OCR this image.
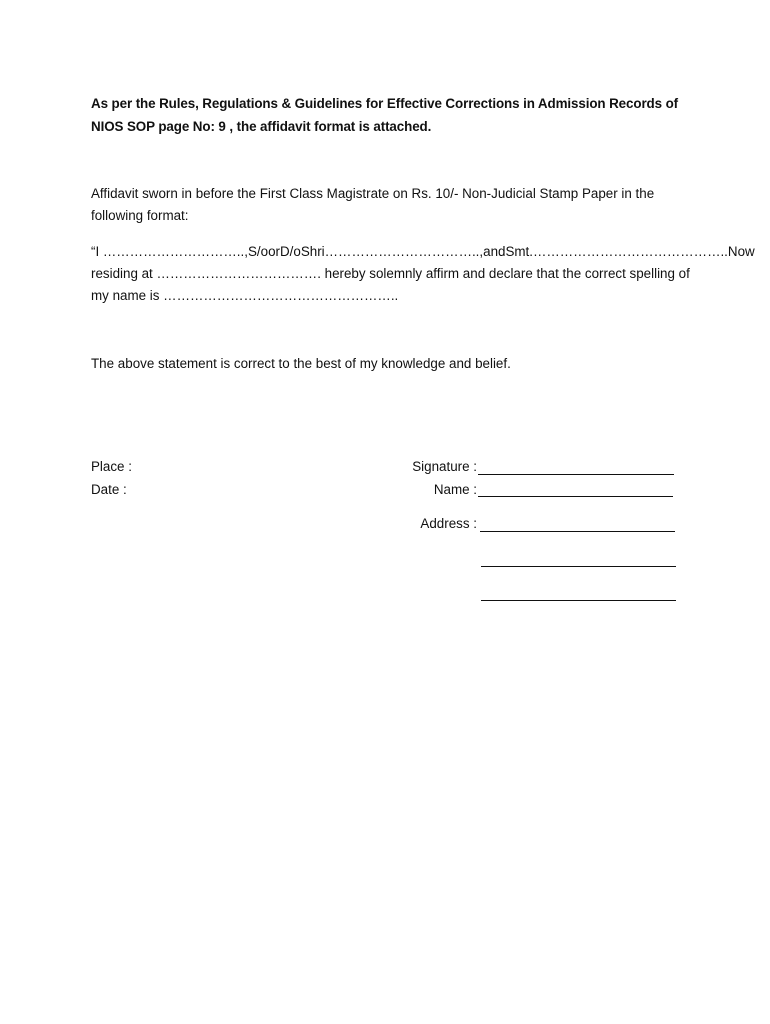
As per the Rules, Regulations & Guidelines for Effective Corrections in Admission Records of
NIOS SOP page No: 9 , the affidavit format is attached.
Affidavit sworn in before the First Class Magistrate on Rs. 10/- Non-Judicial Stamp Paper in the
following format:
“I ………………………….., S/o or D/o Shri…………………………….., and Smt.…………………………………….. Now
residing at ………………………………. hereby solemnly affirm and declare that the correct spelling of
my name is ……………………………………………..
The above statement is correct to the best of my knowledge and belief.
Place :
Date :
Signature :
Name :
Address :
